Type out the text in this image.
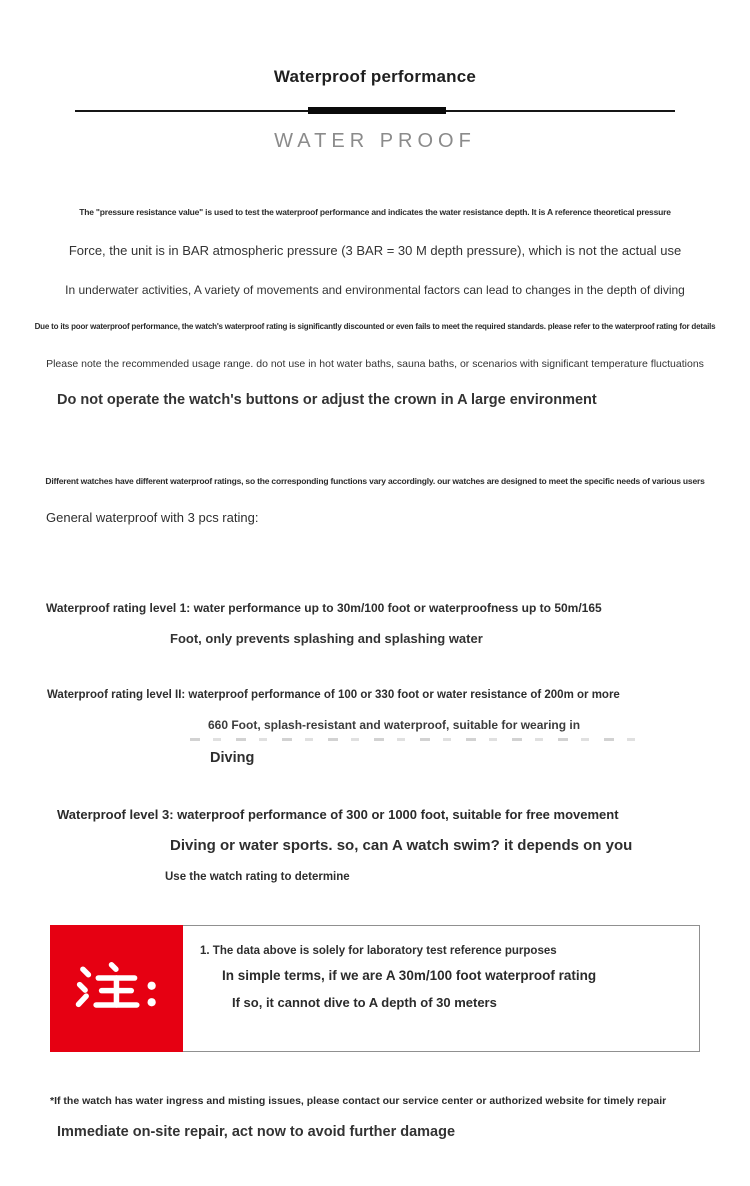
Waterproof performance
WATER PROOF
The "pressure resistance value" is used to test the waterproof performance and indicates the water resistance depth. It is A reference theoretical pressure
Force, the unit is in BAR atmospheric pressure (3 BAR = 30 M depth pressure), which is not the actual use
In underwater activities, A variety of movements and environmental factors can lead to changes in the depth of diving
Due to its poor waterproof performance, the watch's waterproof rating is significantly discounted or even fails to meet the required standards. please refer to the waterproof rating for details
Please note the recommended usage range. do not use in hot water baths, sauna baths, or scenarios with significant temperature fluctuations
Do not operate the watch's buttons or adjust the crown in A large environment
Different watches have different waterproof ratings, so the corresponding functions vary accordingly. our watches are designed to meet the specific needs of various users
General waterproof with 3 pcs rating:
Waterproof rating level 1: water performance up to 30m/100 foot or waterproofness up to 50m/165
Foot, only prevents splashing and splashing water
Waterproof rating level II: waterproof performance of 100 or 330 foot or water resistance of 200m or more
660 Foot, splash-resistant and waterproof, suitable for wearing in
Diving
Waterproof level 3: waterproof performance of 300 or 1000 foot, suitable for free movement
Diving or water sports. so, can A watch swim? it depends on you
Use the watch rating to determine

1. The data above is solely for laboratory test reference purposes

In simple terms, if we are A 30m/100 foot waterproof rating

If so, it cannot dive to A depth of 30 meters

*If the watch has water ingress and misting issues, please contact our service center or authorized website for timely repair
Immediate on-site repair, act now to avoid further damage
